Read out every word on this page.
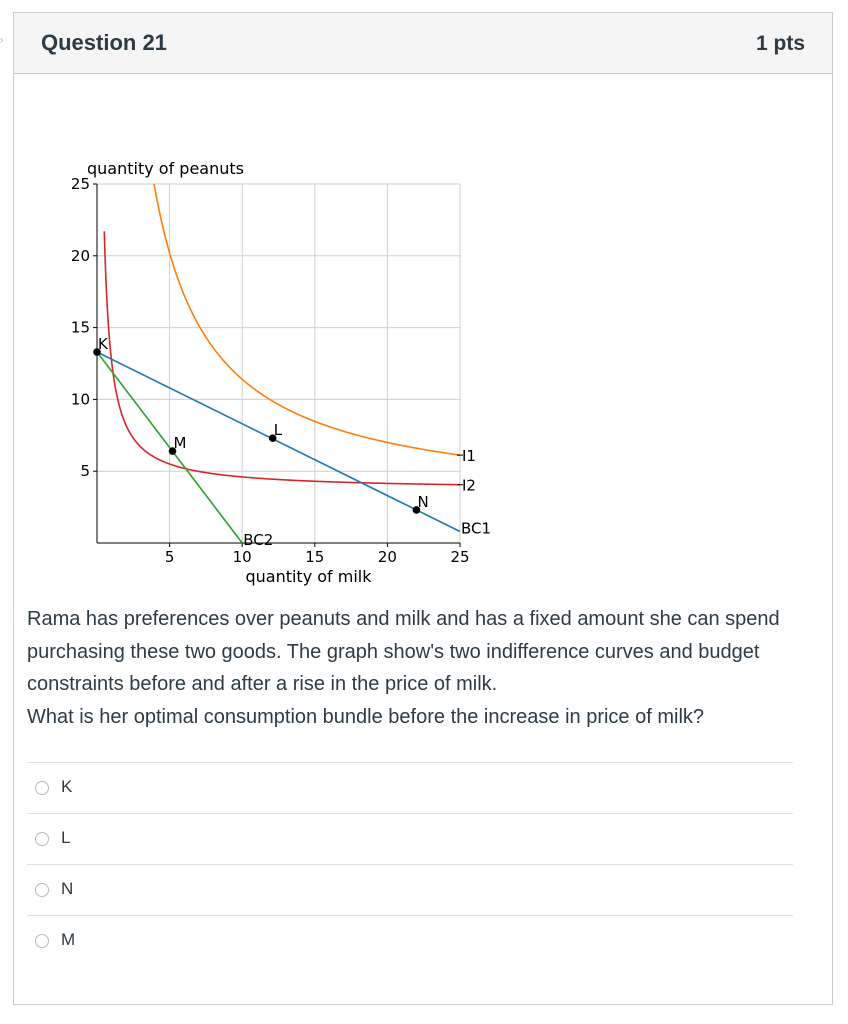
› Question 21	1 pts
5	10	15	20	25
5
10
15
20
25
quantity of peanuts
quantity of milk
I1
I2
BC1
BC2
K
L
M
N
Rama has preferences over peanuts and milk and has a fixed amount she can spend purchasing these two goods. The graph show's two indifference curves and budget constraints before and after a rise in the price of milk.
What is her optimal consumption bundle before the increase in price of milk?
K
L
N
M
